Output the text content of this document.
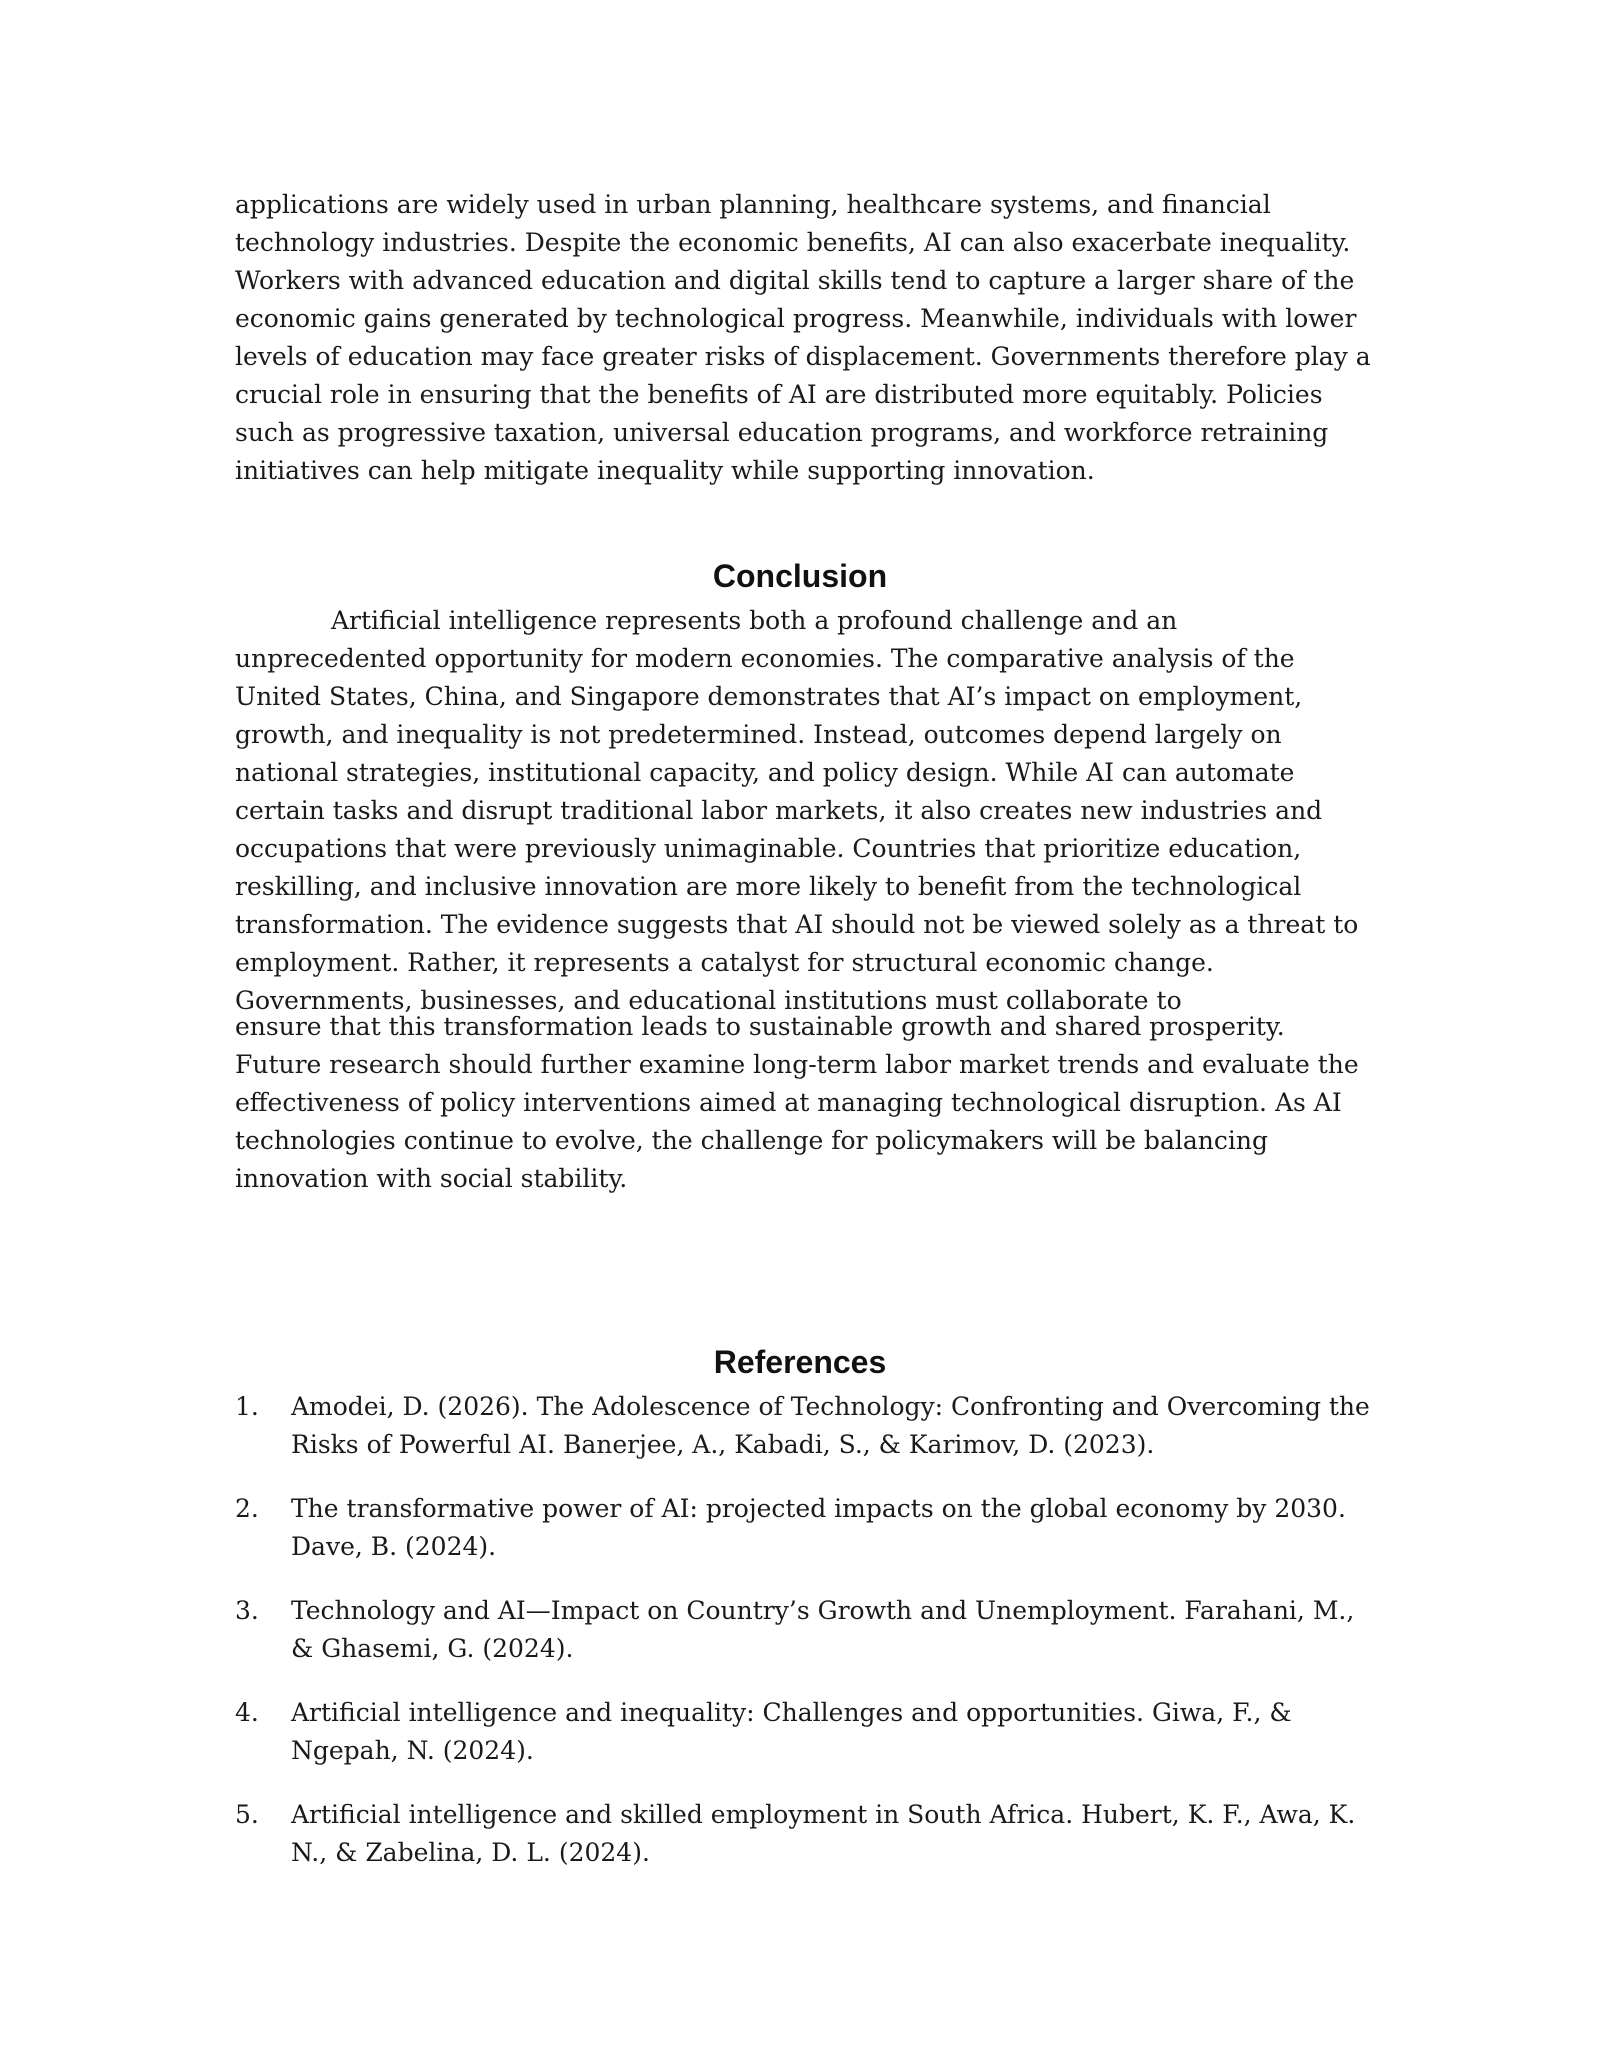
applications are widely used in urban planning, healthcare systems, and financial technology industries. Despite the economic benefits, AI can also exacerbate inequality. Workers with advanced education and digital skills tend to capture a larger share of the economic gains generated by technological progress. Meanwhile, individuals with lower levels of education may face greater risks of displacement. Governments therefore play a crucial role in ensuring that the benefits of AI are distributed more equitably. Policies such as progressive taxation, universal education programs, and workforce retraining initiatives can help mitigate inequality while supporting innovation.

Conclusion

Artificial intelligence represents both a profound challenge and an unprecedented opportunity for modern economies. The comparative analysis of the United States, China, and Singapore demonstrates that AI’s impact on employment, growth, and inequality is not predetermined. Instead, outcomes depend largely on national strategies, institutional capacity, and policy design. While AI can automate certain tasks and disrupt traditional labor markets, it also creates new industries and occupations that were previously unimaginable. Countries that prioritize education, reskilling, and inclusive innovation are more likely to benefit from the technological transformation. The evidence suggests that AI should not be viewed solely as a threat to employment. Rather, it represents a catalyst for structural economic change. Governments, businesses, and educational institutions must collaborate to

ensure that this transformation leads to sustainable growth and shared prosperity. Future research should further examine long-term labor market trends and evaluate the effectiveness of policy interventions aimed at managing technological disruption. As AI technologies continue to evolve, the challenge for policymakers will be balancing innovation with social stability.

References
1. Amodei, D. (2026). The Adolescence of Technology: Confronting and Overcoming the Risks of Powerful AI. Banerjee, A., Kabadi, S., & Karimov, D. (2023).
2. The transformative power of AI: projected impacts on the global economy by 2030. Dave, B. (2024).
3. Technology and AI—Impact on Country’s Growth and Unemployment. Farahani, M., & Ghasemi, G. (2024).
4. Artificial intelligence and inequality: Challenges and opportunities. Giwa, F., & Ngepah, N. (2024).
5. Artificial intelligence and skilled employment in South Africa. Hubert, K. F., Awa, K. N., & Zabelina, D. L. (2024).
